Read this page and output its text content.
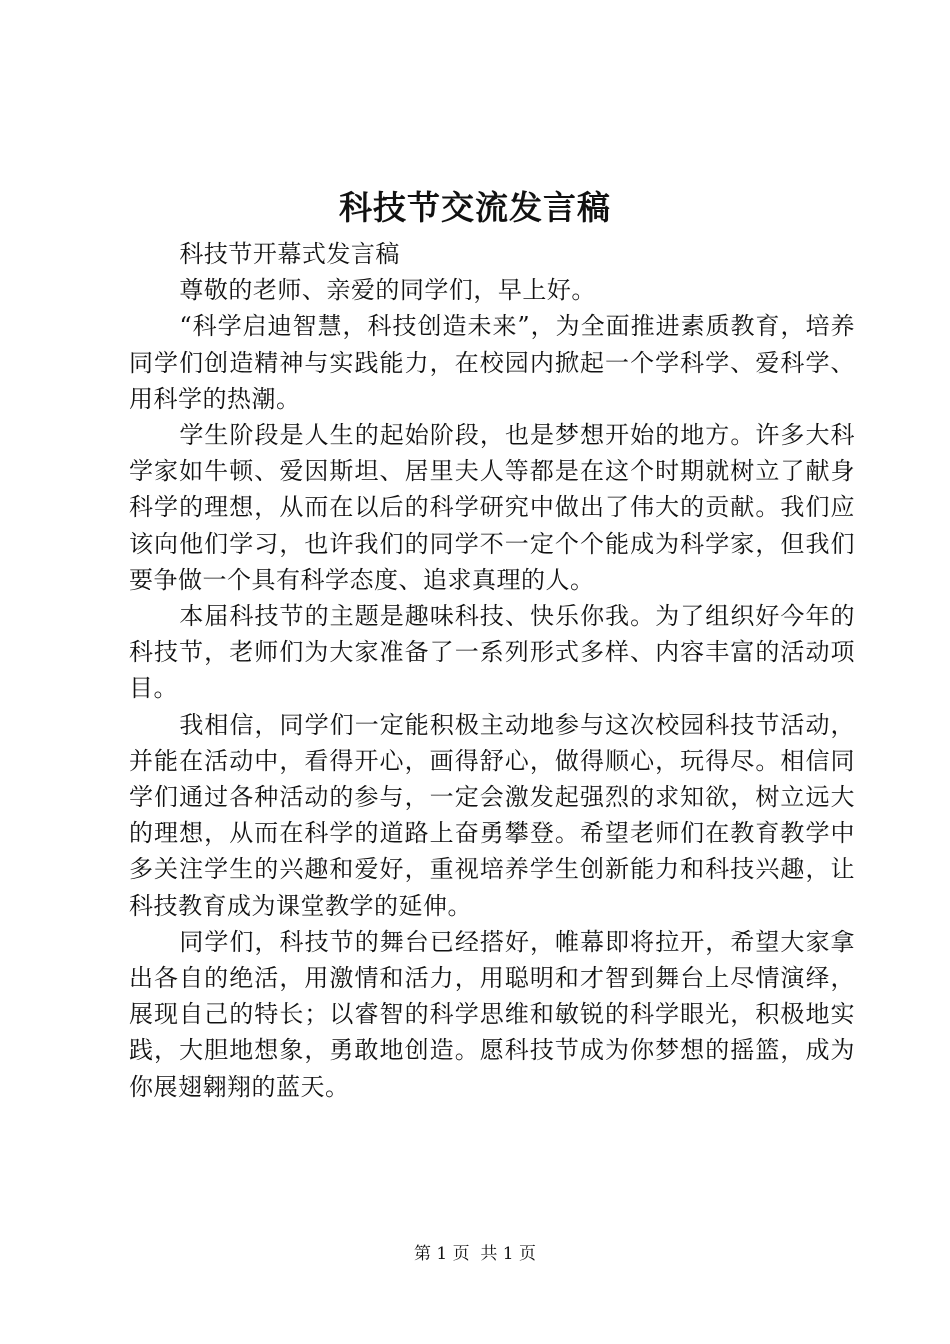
科技节交流发言稿

科技节开幕式发言稿

尊敬的老师、亲爱的同学们，早上好。

“科学启迪智慧，科技创造未来”，为全面推进素质教育，培养同学们创造精神与实践能力，在校园内掀起一个学科学、爱科学、用科学的热潮。

学生阶段是人生的起始阶段，也是梦想开始的地方。许多大科学家如牛顿、爱因斯坦、居里夫人等都是在这个时期就树立了献身科学的理想，从而在以后的科学研究中做出了伟大的贡献。我们应该向他们学习，也许我们的同学不一定个个能成为科学家，但我们要争做一个具有科学态度、追求真理的人。

本届科技节的主题是趣味科技、快乐你我。为了组织好今年的科技节，老师们为大家准备了一系列形式多样、内容丰富的活动项目。

我相信，同学们一定能积极主动地参与这次校园科技节活动，并能在活动中，看得开心，画得舒心，做得顺心，玩得尽。相信同学们通过各种活动的参与，一定会激发起强烈的求知欲，树立远大的理想，从而在科学的道路上奋勇攀登。希望老师们在教育教学中多关注学生的兴趣和爱好，重视培养学生创新能力和科技兴趣，让科技教育成为课堂教学的延伸。

同学们，科技节的舞台已经搭好，帷幕即将拉开，希望大家拿出各自的绝活，用激情和活力，用聪明和才智到舞台上尽情演绎，展现自己的特长；以睿智的科学思维和敏锐的科学眼光，积极地实践，大胆地想象，勇敢地创造。愿科技节成为你梦想的摇篮，成为你展翅翱翔的蓝天。

第 1 页 共 1 页
